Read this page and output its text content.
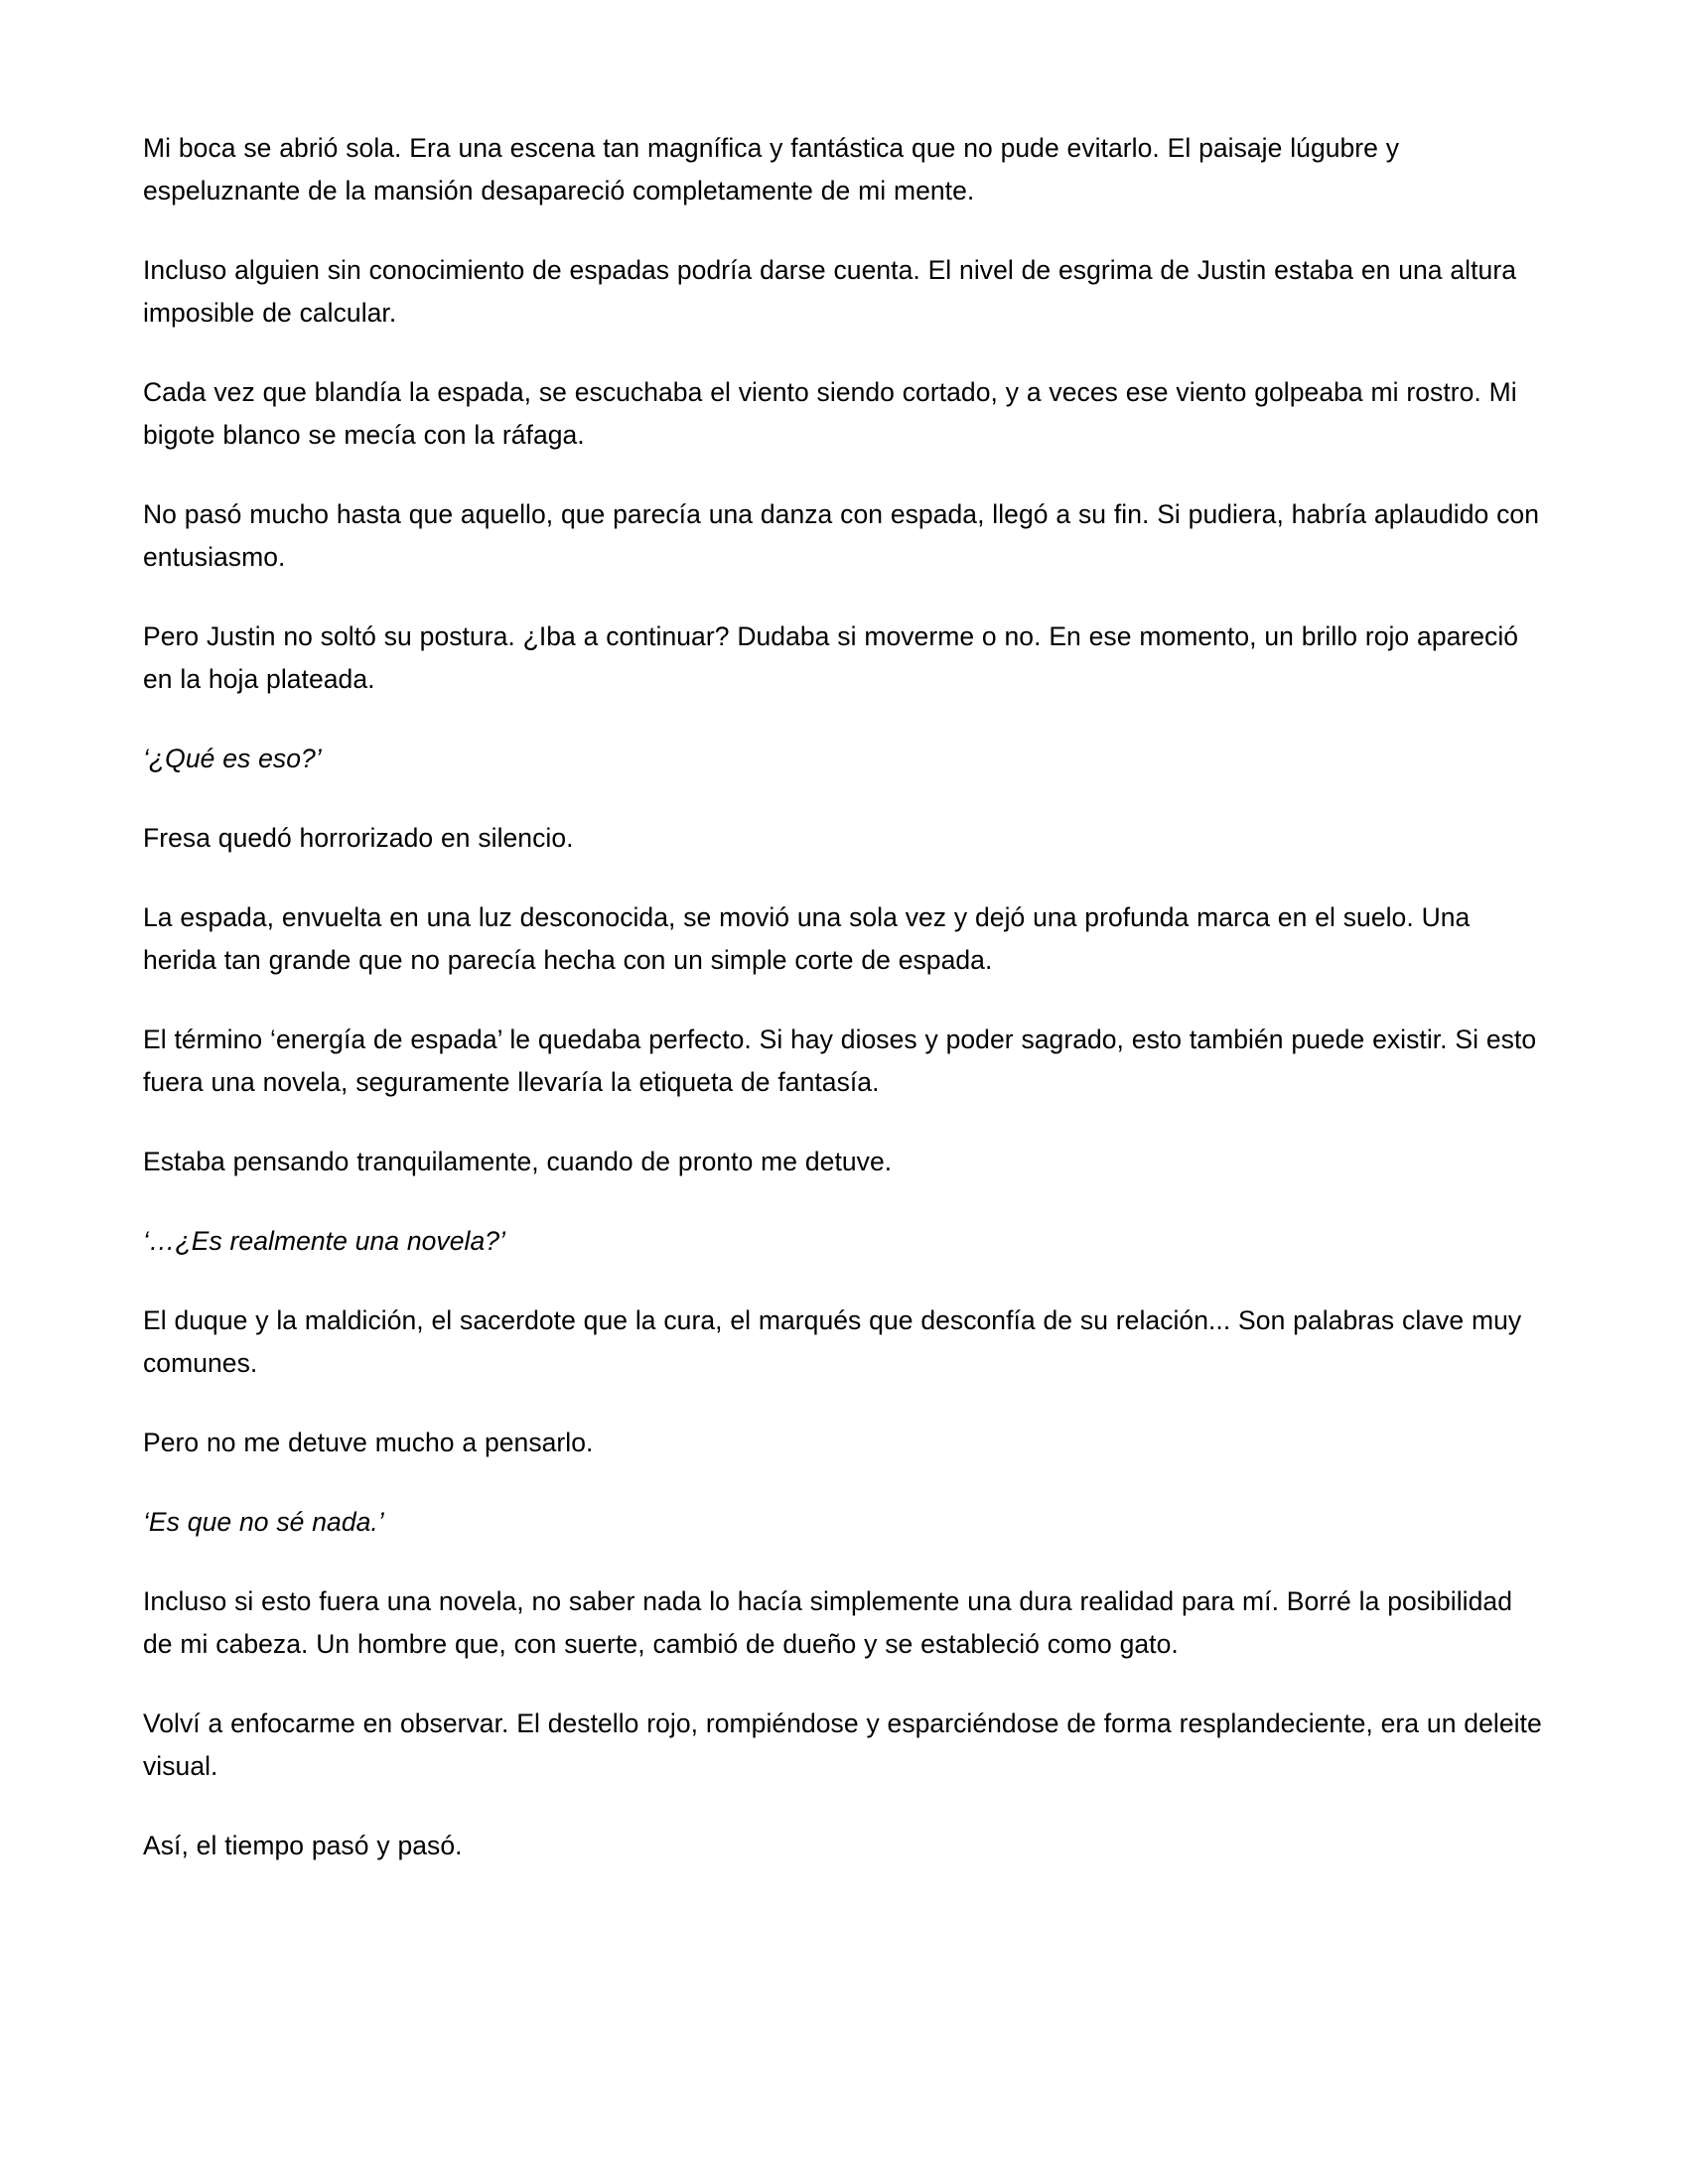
Mi boca se abrió sola. Era una escena tan magnífica y fantástica que no pude evitarlo. El paisaje lúgubre y espeluznante de la mansión desapareció completamente de mi mente.

Incluso alguien sin conocimiento de espadas podría darse cuenta. El nivel de esgrima de Justin estaba en una altura imposible de calcular.

Cada vez que blandía la espada, se escuchaba el viento siendo cortado, y a veces ese viento golpeaba mi rostro. Mi bigote blanco se mecía con la ráfaga.

No pasó mucho hasta que aquello, que parecía una danza con espada, llegó a su fin. Si pudiera, habría aplaudido con entusiasmo.

Pero Justin no soltó su postura. ¿Iba a continuar? Dudaba si moverme o no. En ese momento, un brillo rojo apareció en la hoja plateada.

‘¿Qué es eso?’

Fresa quedó horrorizado en silencio.

La espada, envuelta en una luz desconocida, se movió una sola vez y dejó una profunda marca en el suelo. Una herida tan grande que no parecía hecha con un simple corte de espada.

El término ‘energía de espada’ le quedaba perfecto. Si hay dioses y poder sagrado, esto también puede existir. Si esto fuera una novela, seguramente llevaría la etiqueta de fantasía.

Estaba pensando tranquilamente, cuando de pronto me detuve.

‘…¿Es realmente una novela?’

El duque y la maldición, el sacerdote que la cura, el marqués que desconfía de su relación... Son palabras clave muy comunes.

Pero no me detuve mucho a pensarlo.

‘Es que no sé nada.’

Incluso si esto fuera una novela, no saber nada lo hacía simplemente una dura realidad para mí. Borré la posibilidad de mi cabeza. Un hombre que, con suerte, cambió de dueño y se estableció como gato.

Volví a enfocarme en observar. El destello rojo, rompiéndose y esparciéndose de forma resplandeciente, era un deleite visual.

Así, el tiempo pasó y pasó.
